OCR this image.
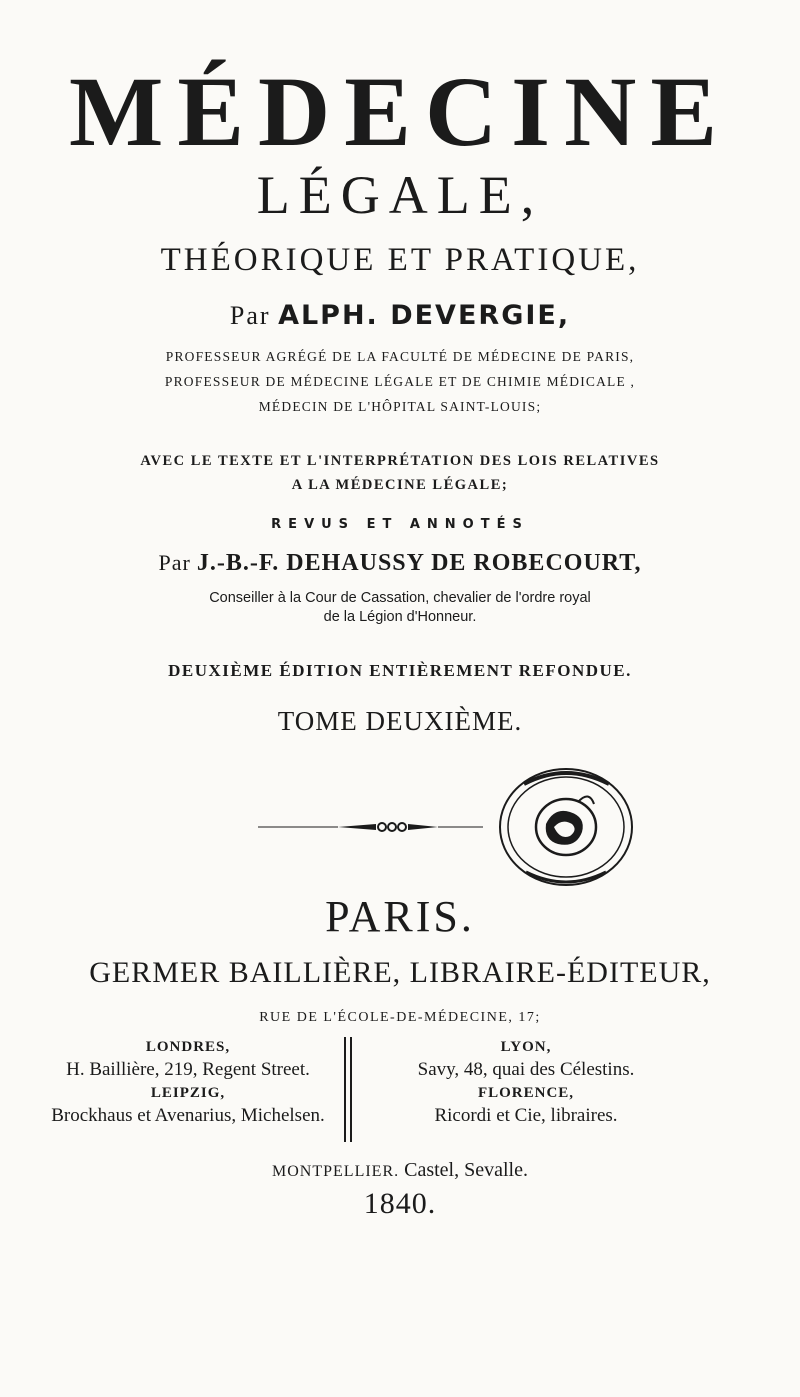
MÉDECINE
LÉGALE,
THÉORIQUE ET PRATIQUE,
Par ALPH. DEVERGIE,
PROFESSEUR AGRÉGÉ DE LA FACULTÉ DE MÉDECINE DE PARIS,
PROFESSEUR DE MÉDECINE LÉGALE ET DE CHIMIE MÉDICALE ,
MÉDECIN DE L'HÔPITAL SAINT-LOUIS;
AVEC LE TEXTE ET L'INTERPRÉTATION DES LOIS RELATIVES
A LA MÉDECINE LÉGALE;
REVUS ET ANNOTÉS
Par J.-B.-F. DEHAUSSY DE ROBECOURT,
Conseiller à la Cour de Cassation, chevalier de l'ordre royal
de la Légion d'Honneur.
DEUXIÈME ÉDITION ENTIÈREMENT REFONDUE.
TOME DEUXIÈME.
PARIS.
GERMER BAILLIÈRE, LIBRAIRE-ÉDITEUR,
RUE DE L'ÉCOLE-DE-MÉDECINE, 17;
LONDRES,
H. Baillière, 219, Regent Street.
LEIPZIG,
Brockhaus et Avenarius, Michelsen.
LYON,
Savy, 48, quai des Célestins.
FLORENCE,
Ricordi et Cie, libraires.
MONTPELLIER. Castel, Sevalle.
1840.
